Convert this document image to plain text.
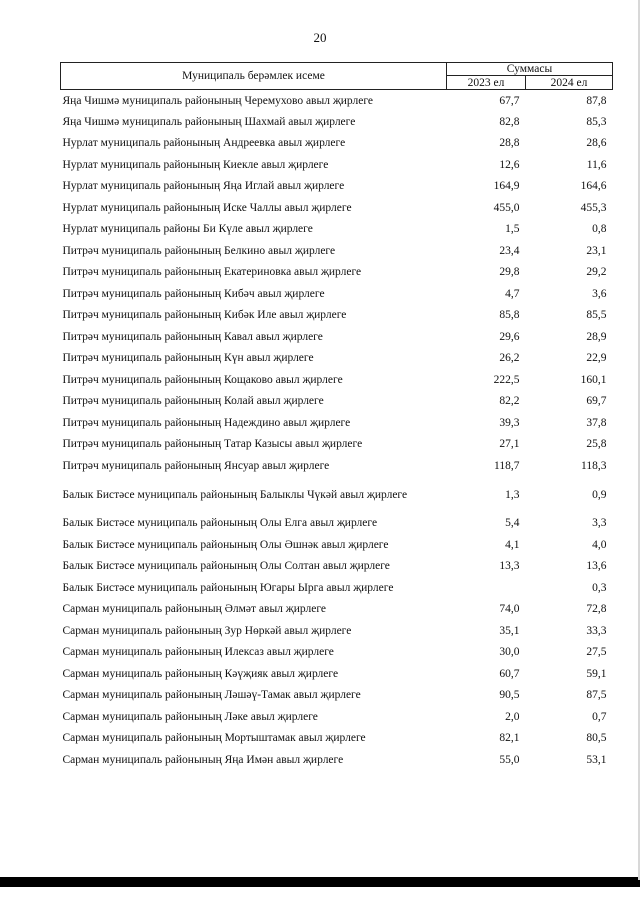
20
Муниципаль берәмлек исеме	Суммасы	
	2023 ел	2024 ел
Яңа Чишмә муниципаль районының Черемухово авыл җирлеге	67,7	87,8
Яңа Чишмә муниципаль районының Шахмай авыл җирлеге	82,8	85,3
Нурлат муниципаль районының Андреевка авыл җирлеге	28,8	28,6
Нурлат муниципаль районының Киекле авыл җирлеге	12,6	11,6
Нурлат муниципаль районының Яңа Иглай авыл җирлеге	164,9	164,6
Нурлат муниципаль районының Иске Чаллы авыл җирлеге	455,0	455,3
Нурлат муниципаль районы Би Күле авыл җирлеге	1,5	0,8
Питрәч муниципаль районының Белкино авыл җирлеге	23,4	23,1
Питрәч муниципаль районының Екатериновка авыл җирлеге	29,8	29,2
Питрәч муниципаль районының Кибәч авыл җирлеге	4,7	3,6
Питрәч муниципаль районының Кибәк Иле авыл җирлеге	85,8	85,5
Питрәч муниципаль районының Кавал авыл җирлеге	29,6	28,9
Питрәч муниципаль районының Күн авыл җирлеге	26,2	22,9
Питрәч муниципаль районының Кощаково авыл җирлеге	222,5	160,1
Питрәч муниципаль районының Колай авыл җирлеге	82,2	69,7
Питрәч муниципаль районының Надеждино авыл җирлеге	39,3	37,8
Питрәч муниципаль районының Татар Казысы авыл җирлеге	27,1	25,8
Питрәч муниципаль районының Янсуар авыл җирлеге	118,7	118,3
Балык Бистәсе муниципаль районының Балыклы Чүкәй авыл җирлеге	1,3	0,9
Балык Бистәсе муниципаль районының Олы Елга авыл җирлеге	5,4	3,3
Балык Бистәсе муниципаль районының Олы Әшнәк авыл җирлеге	4,1	4,0
Балык Бистәсе муниципаль районының Олы Солтан авыл җирлеге	13,3	13,6
Балык Бистәсе муниципаль районының Югары Ырга авыл җирлеге		0,3
Сарман муниципаль районының Әлмәт авыл җирлеге	74,0	72,8
Сарман муниципаль районының Зур Нөркәй авыл җирлеге	35,1	33,3
Сарман муниципаль районының Илексаз авыл җирлеге	30,0	27,5
Сарман муниципаль районының Кәүҗияк авыл җирлеге	60,7	59,1
Сарман муниципаль районының Ләшәү-Тамак авыл җирлеге	90,5	87,5
Сарман муниципаль районының Ләке авыл җирлеге	2,0	0,7
Сарман муниципаль районының Мортыштамак авыл җирлеге	82,1	80,5
Сарман муниципаль районының Яңа Имән авыл җирлеге	55,0	53,1
